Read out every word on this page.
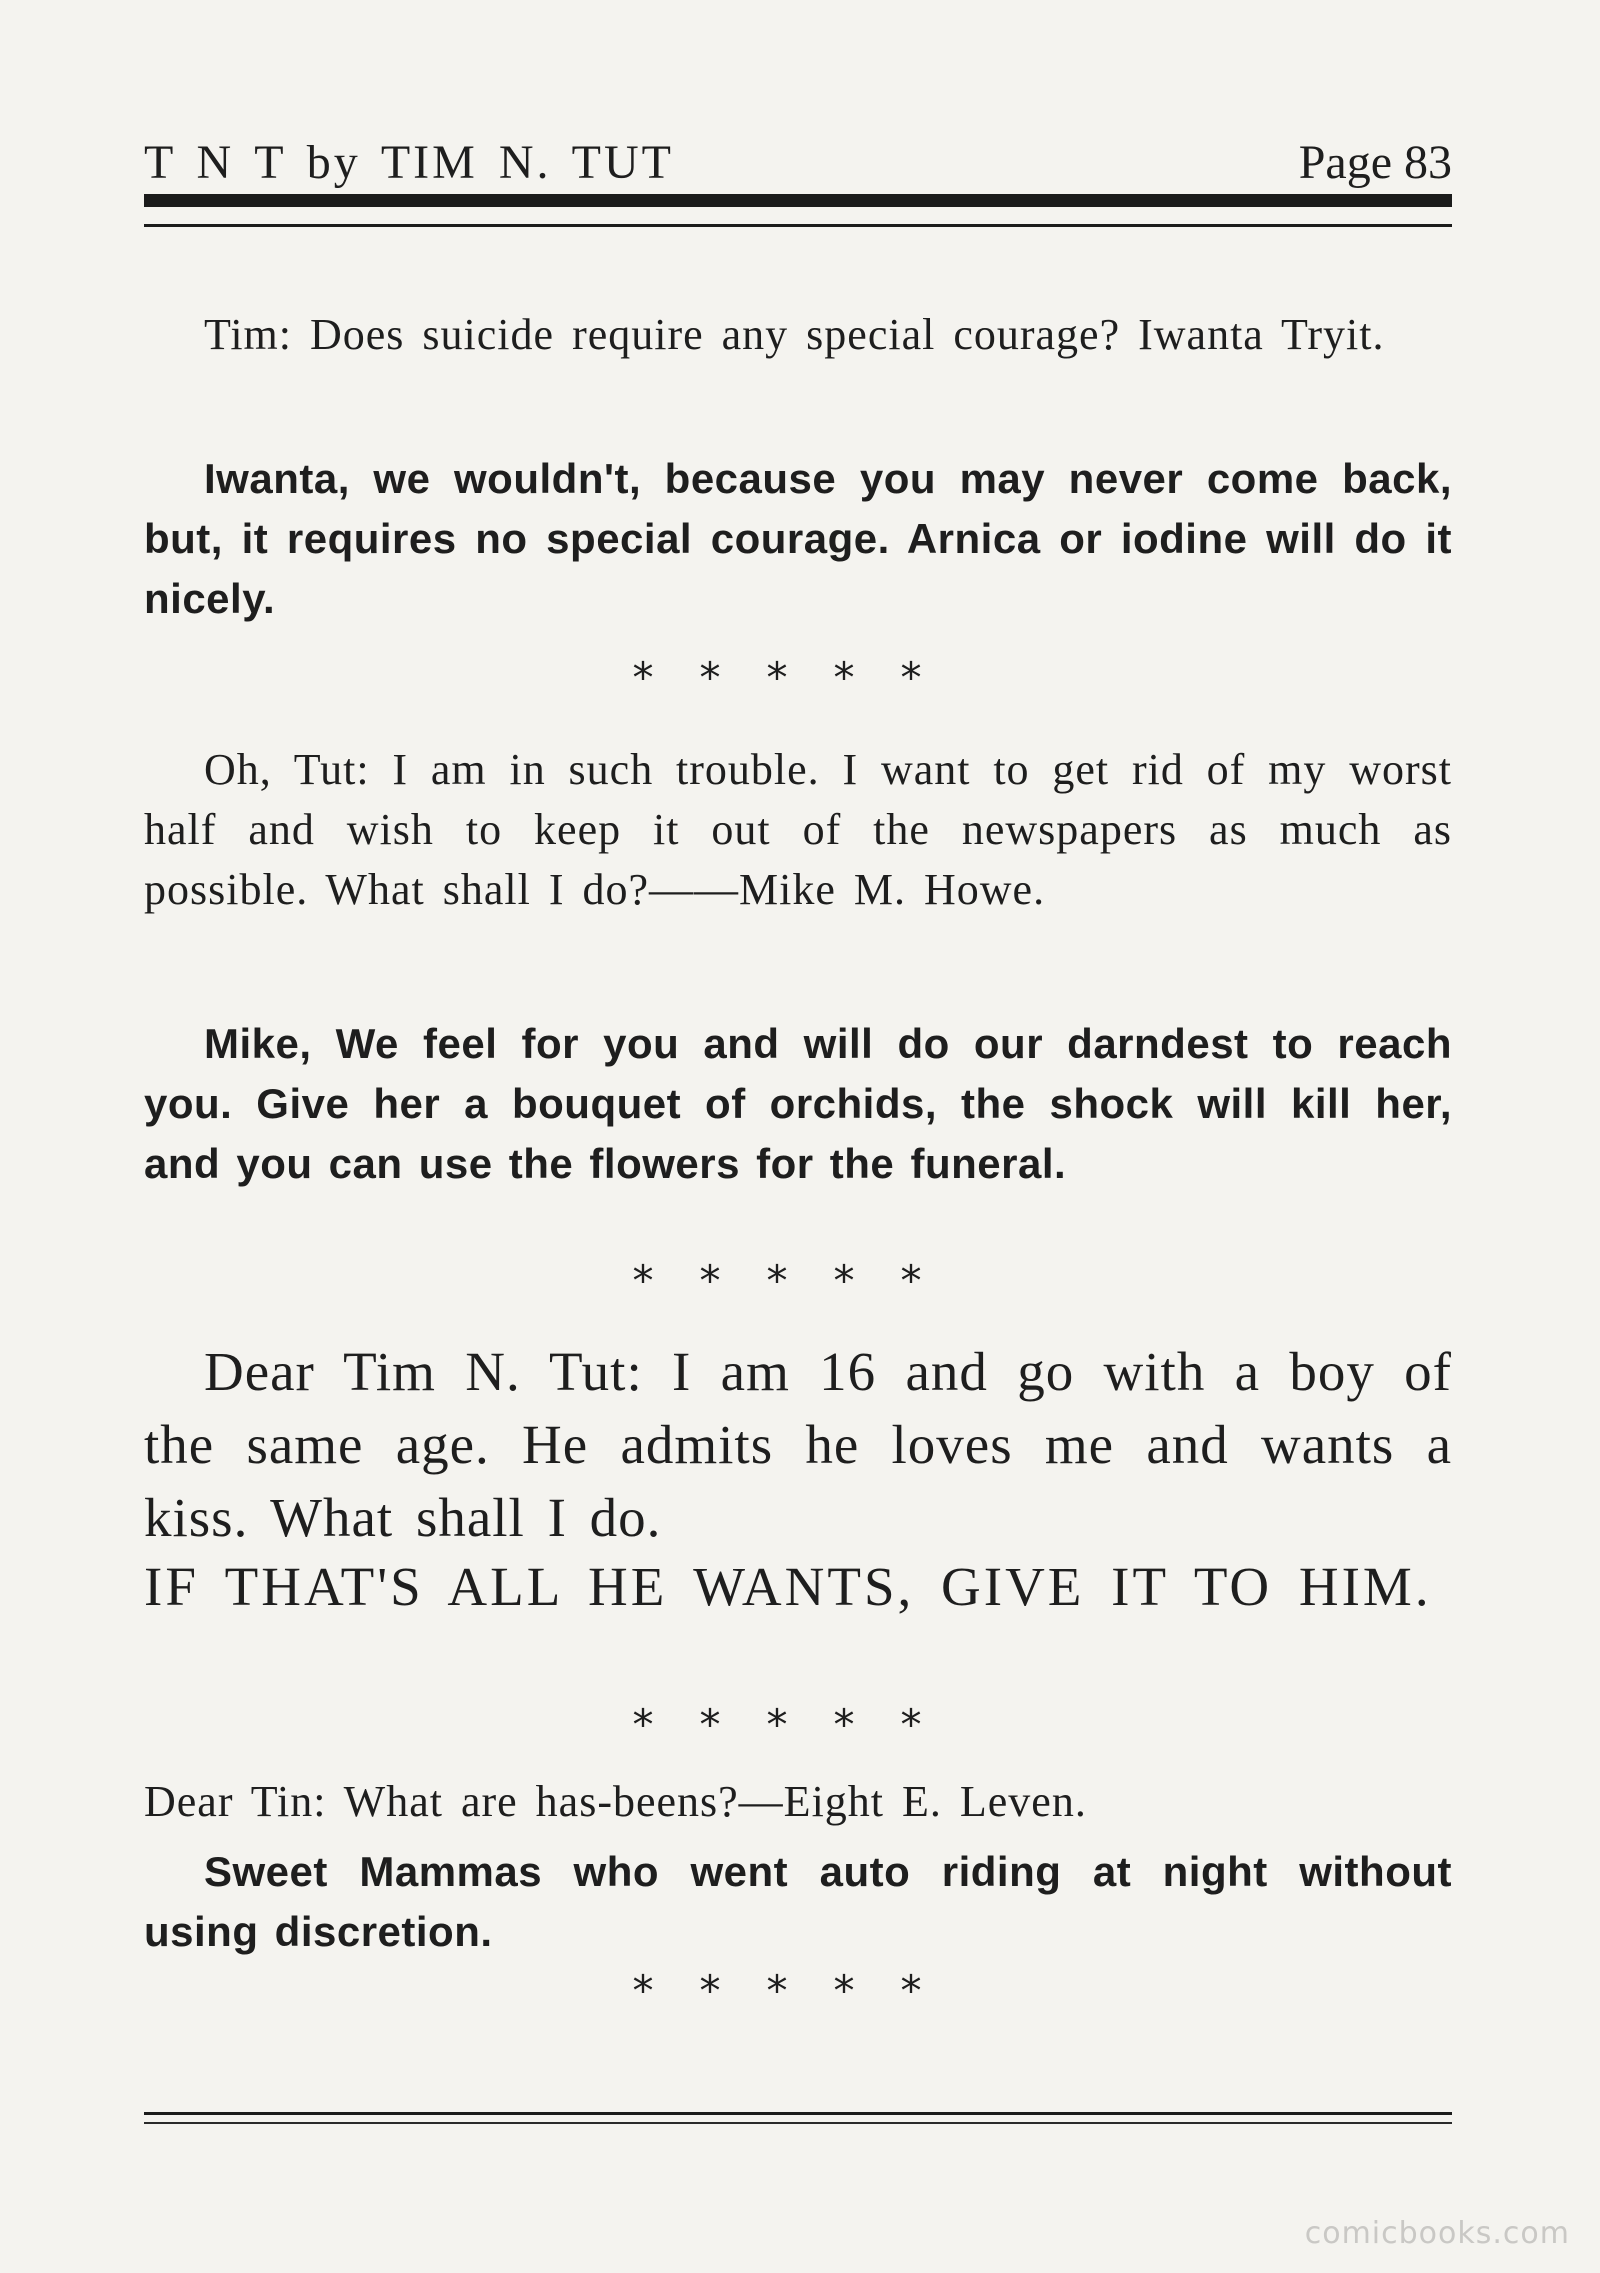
T N T by TIM N. TUT	Page 83
Tim: Does suicide require any special courage? Iwanta Tryit.
Iwanta, we wouldn't, because you may never come back, but, it requires no special courage. Arnica or iodine will do it nicely.
*****
Oh, Tut: I am in such trouble. I want to get rid of my worst half and wish to keep it out of the newspapers as much as possible. What shall I do?——Mike M. Howe.
Mike, We feel for you and will do our darndest to reach you. Give her a bouquet of orchids, the shock will kill her, and you can use the flowers for the funeral.
*****
Dear Tim N. Tut: I am 16 and go with a boy of the same age. He admits he loves me and wants a kiss. What shall I do.
IF THAT'S ALL HE WANTS, GIVE IT TO HIM.
*****
Dear Tin: What are has-beens?—Eight E. Leven.
Sweet Mammas who went auto riding at night without using discretion.
*****
comicbooks.com
